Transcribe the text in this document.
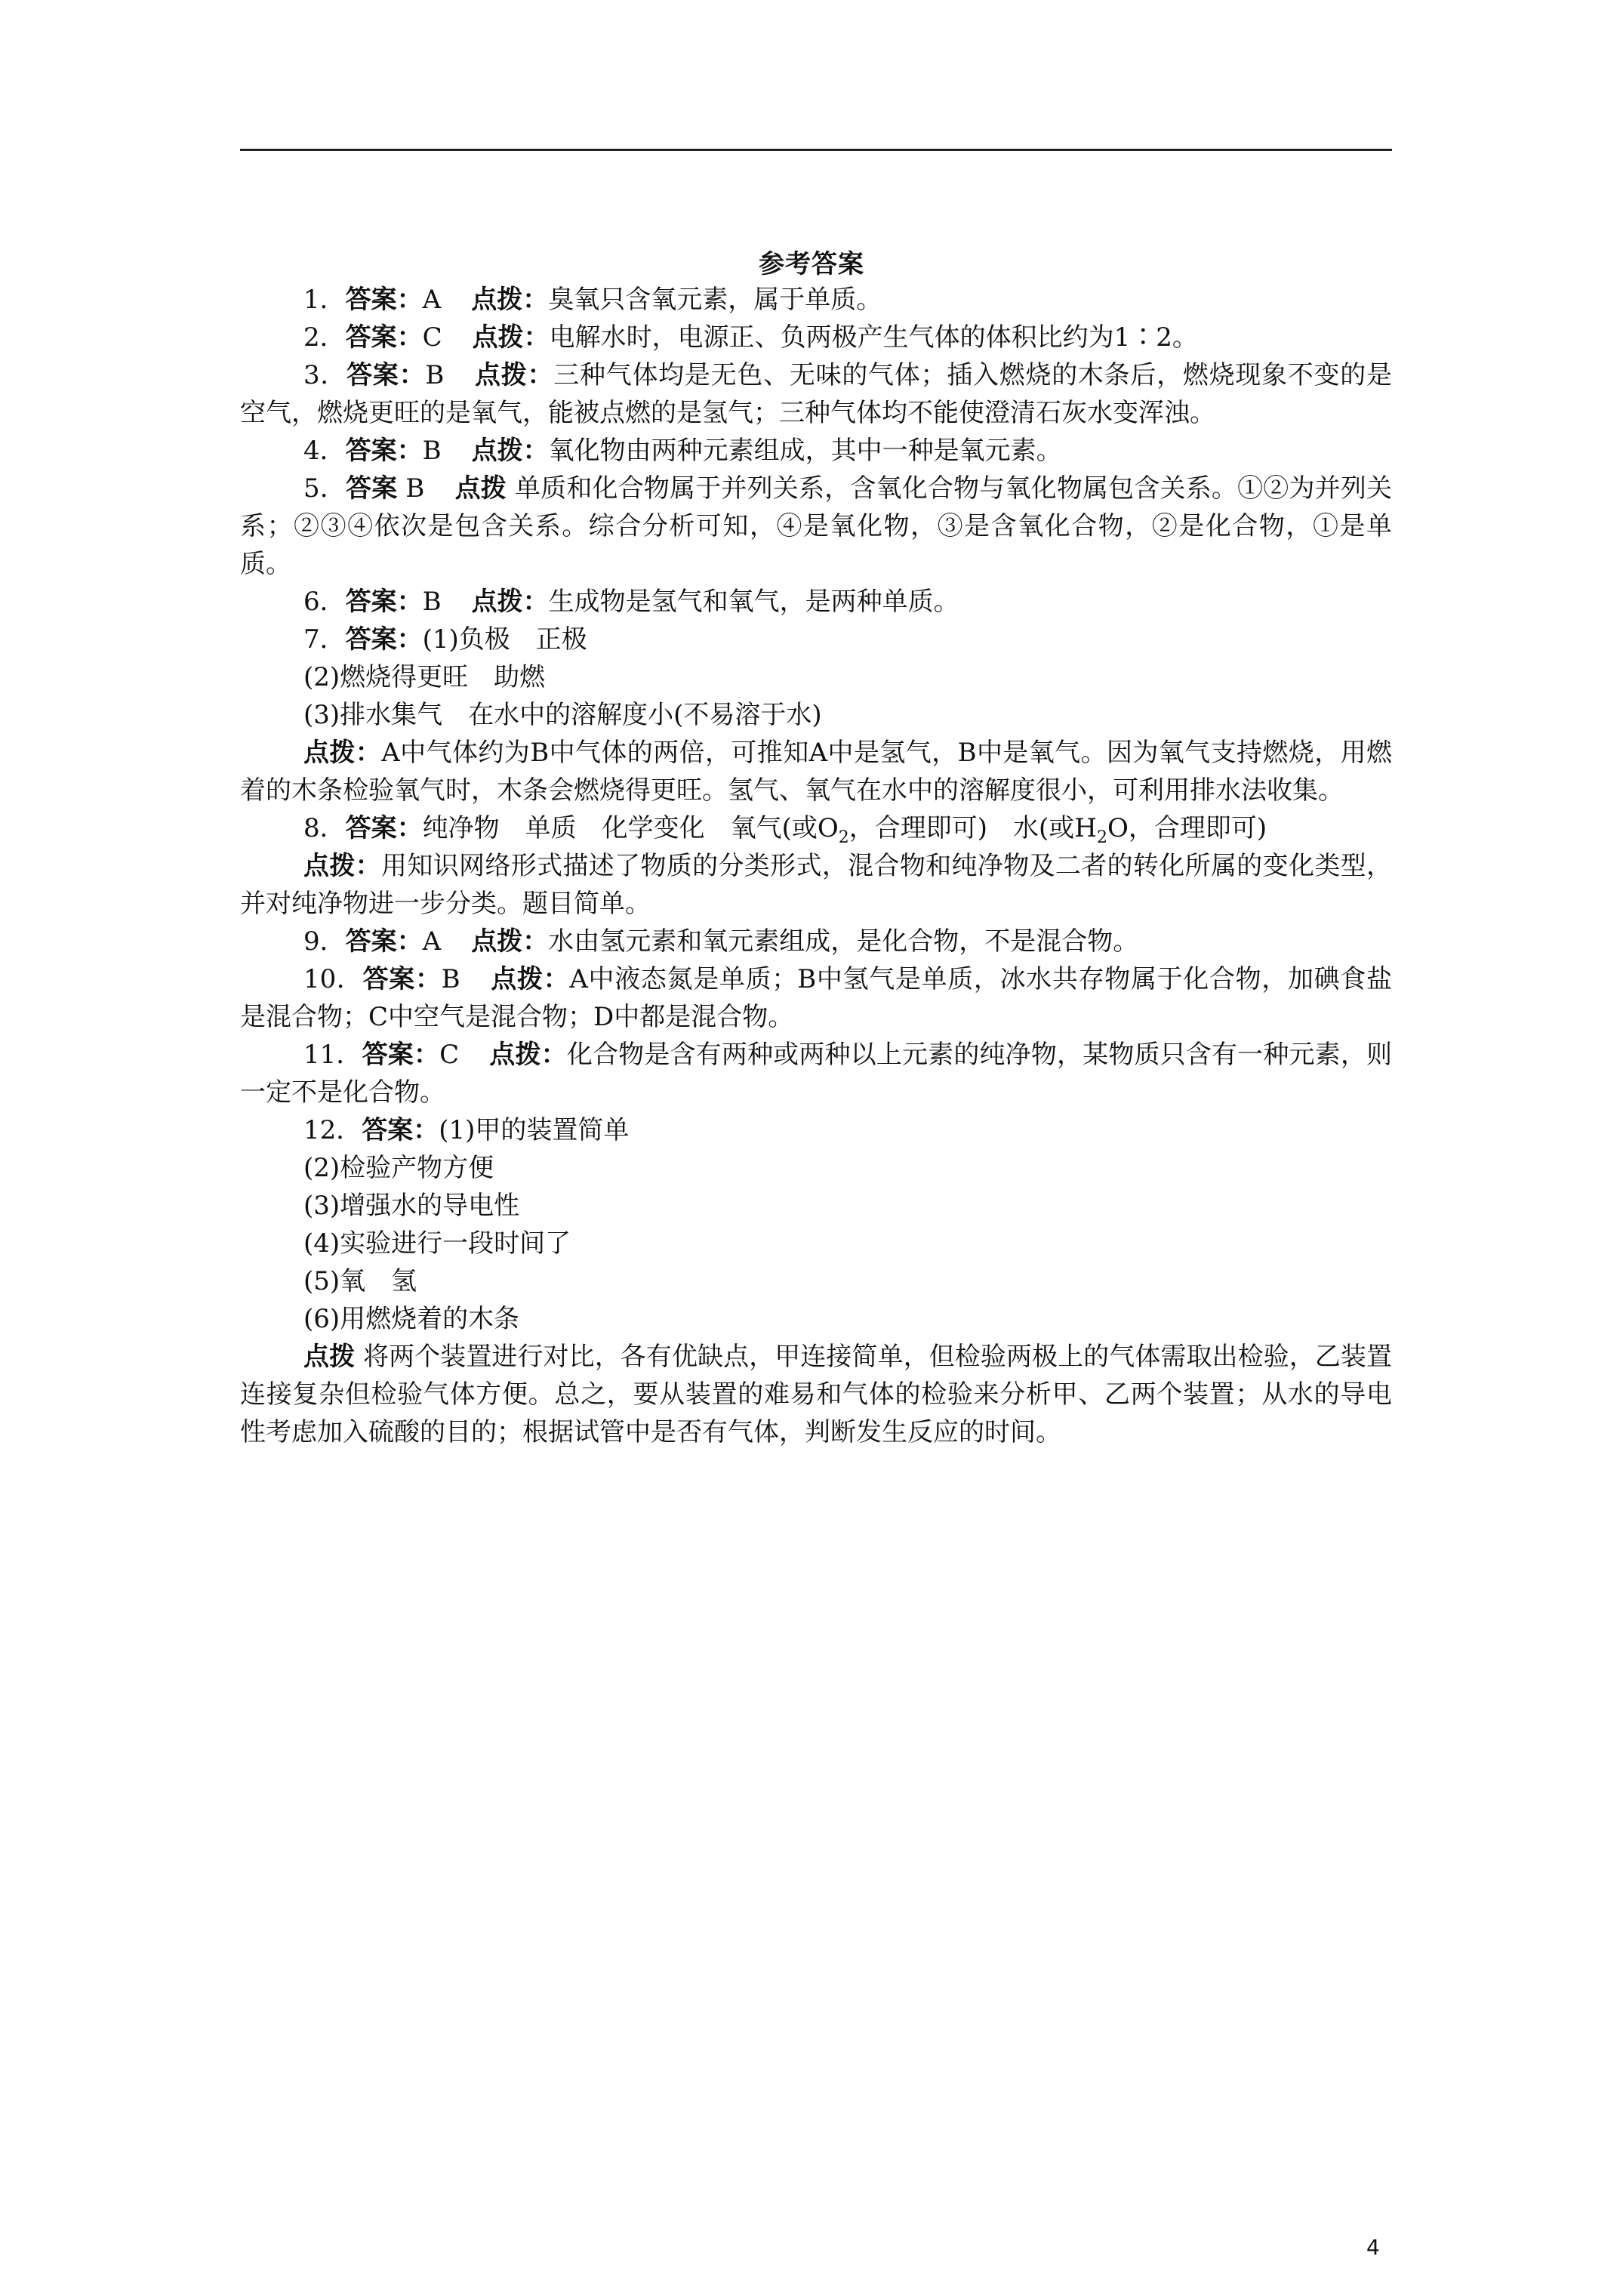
参考答案

1．答案：A 点拨：臭氧只含氧元素，属于单质。

2．答案：C 点拨：电解水时，电源正、负两极产生气体的体积比约为1∶2。

3．答案：B 点拨：三种气体均是无色、无味的气体；插入燃烧的木条后，燃烧现象不变的是空气，燃烧更旺的是氧气，能被点燃的是氢气；三种气体均不能使澄清石灰水变浑浊。

4．答案：B 点拨：氧化物由两种元素组成，其中一种是氧元素。

5．答案 B 点拨 单质和化合物属于并列关系，含氧化合物与氧化物属包含关系。①②为并列关系；②③④依次是包含关系。综合分析可知，④是氧化物，③是含氧化合物，②是化合物，①是单质。

6．答案：B 点拨：生成物是氢气和氧气，是两种单质。

7．答案：(1)负极　正极

(2)燃烧得更旺　助燃

(3)排水集气　在水中的溶解度小(不易溶于水)

点拨：A中气体约为B中气体的两倍，可推知A中是氢气，B中是氧气。因为氧气支持燃烧，用燃着的木条检验氧气时，木条会燃烧得更旺。氢气、氧气在水中的溶解度很小，可利用排水法收集。

8．答案：纯净物　单质　化学变化　氧气(或$O_2$，合理即可)　水(或$H_2O$，合理即可)

点拨：用知识网络形式描述了物质的分类形式，混合物和纯净物及二者的转化所属的变化类型，并对纯净物进一步分类。题目简单。

9．答案：A 点拨：水由氢元素和氧元素组成，是化合物，不是混合物。

10．答案：B 点拨：A中液态氮是单质；B中氢气是单质，冰水共存物属于化合物，加碘食盐是混合物；C中空气是混合物；D中都是混合物。

11．答案：C 点拨：化合物是含有两种或两种以上元素的纯净物，某物质只含有一种元素，则一定不是化合物。

12．答案：(1)甲的装置简单

(2)检验产物方便

(3)增强水的导电性

(4)实验进行一段时间了

(5)氧　氢

(6)用燃烧着的木条

点拨 将两个装置进行对比，各有优缺点，甲连接简单，但检验两极上的气体需取出检验，乙装置连接复杂但检验气体方便。总之，要从装置的难易和气体的检验来分析甲、乙两个装置；从水的导电性考虑加入硫酸的目的；根据试管中是否有气体，判断发生反应的时间。

4
